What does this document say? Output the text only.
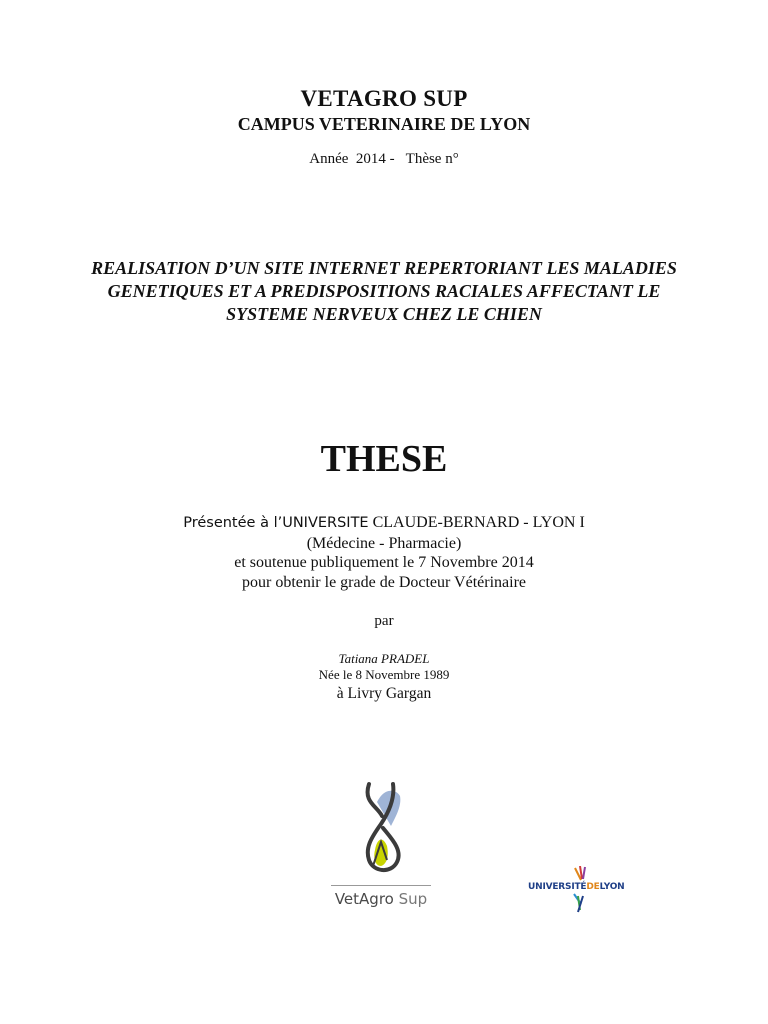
VETAGRO SUP
CAMPUS VETERINAIRE DE LYON
Année  2014 -   Thèse n°
REALISATION D’UN SITE INTERNET REPERTORIANT LES MALADIES GENETIQUES ET A PREDISPOSITIONS RACIALES AFFECTANT LE SYSTEME NERVEUX CHEZ LE CHIEN
THESE
Présentée à l’UNIVERSITE CLAUDE-BERNARD - LYON I
(Médecine - Pharmacie)
et soutenue publiquement le 7 Novembre 2014
pour obtenir le grade de Docteur Vétérinaire
par
Tatiana PRADEL
Née le 8 Novembre 1989
à Livry Gargan
VetAgro Sup
UNIVERSITÉDELYON
